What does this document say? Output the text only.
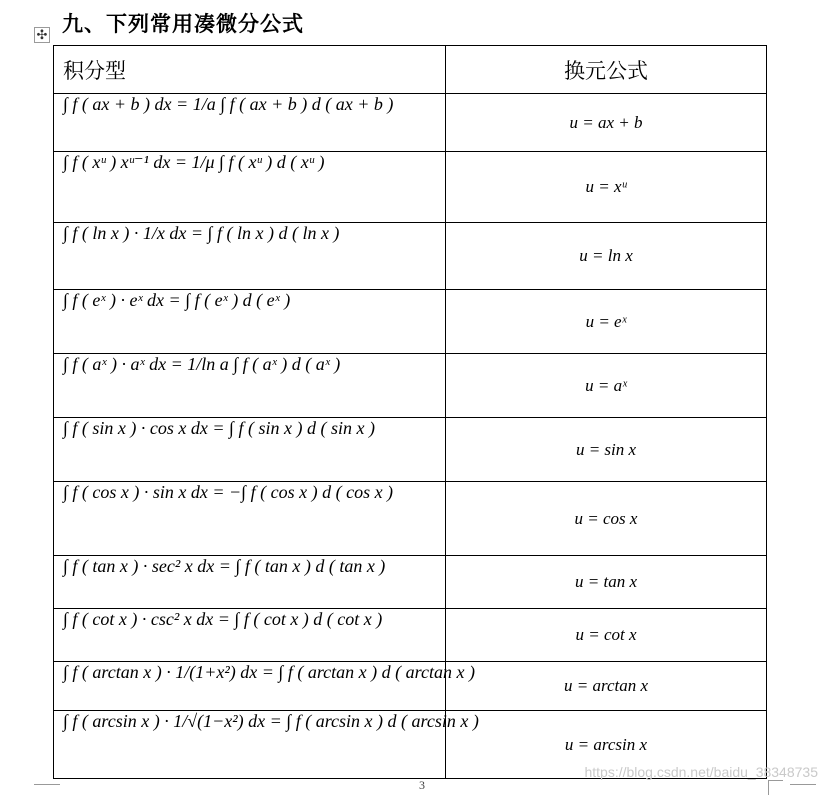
✣ 九、下列常用凑微分公式
积分型	换元公式
∫ f ( ax + b ) dx = 1/a ∫ f ( ax + b ) d ( ax + b )	u = ax + b
∫ f ( xᵘ ) xᵘ⁻¹ dx = 1/μ ∫ f ( xᵘ ) d ( xᵘ )	u = xᵘ
∫ f ( ln x ) · 1/x dx = ∫ f ( ln x ) d ( ln x )	u = ln x
∫ f ( eˣ ) · eˣ dx = ∫ f ( eˣ ) d ( eˣ )	u = eˣ
∫ f ( aˣ ) · aˣ dx = 1/ln a ∫ f ( aˣ ) d ( aˣ )	u = aˣ
∫ f ( sin x ) · cos x dx = ∫ f ( sin x ) d ( sin x )	u = sin x
∫ f ( cos x ) · sin x dx = −∫ f ( cos x ) d ( cos x )	u = cos x
∫ f ( tan x ) · sec² x dx = ∫ f ( tan x ) d ( tan x )	u = tan x
∫ f ( cot x ) · csc² x dx = ∫ f ( cot x ) d ( cot x )	u = cot x
∫ f ( arctan x ) · 1/(1+x²) dx = ∫ f ( arctan x ) d ( arctan x )	u = arctan x
∫ f ( arcsin x ) · 1/√(1−x²) dx = ∫ f ( arcsin x ) d ( arcsin x )	u = arcsin x
3
https://blog.csdn.net/baidu_38348735
